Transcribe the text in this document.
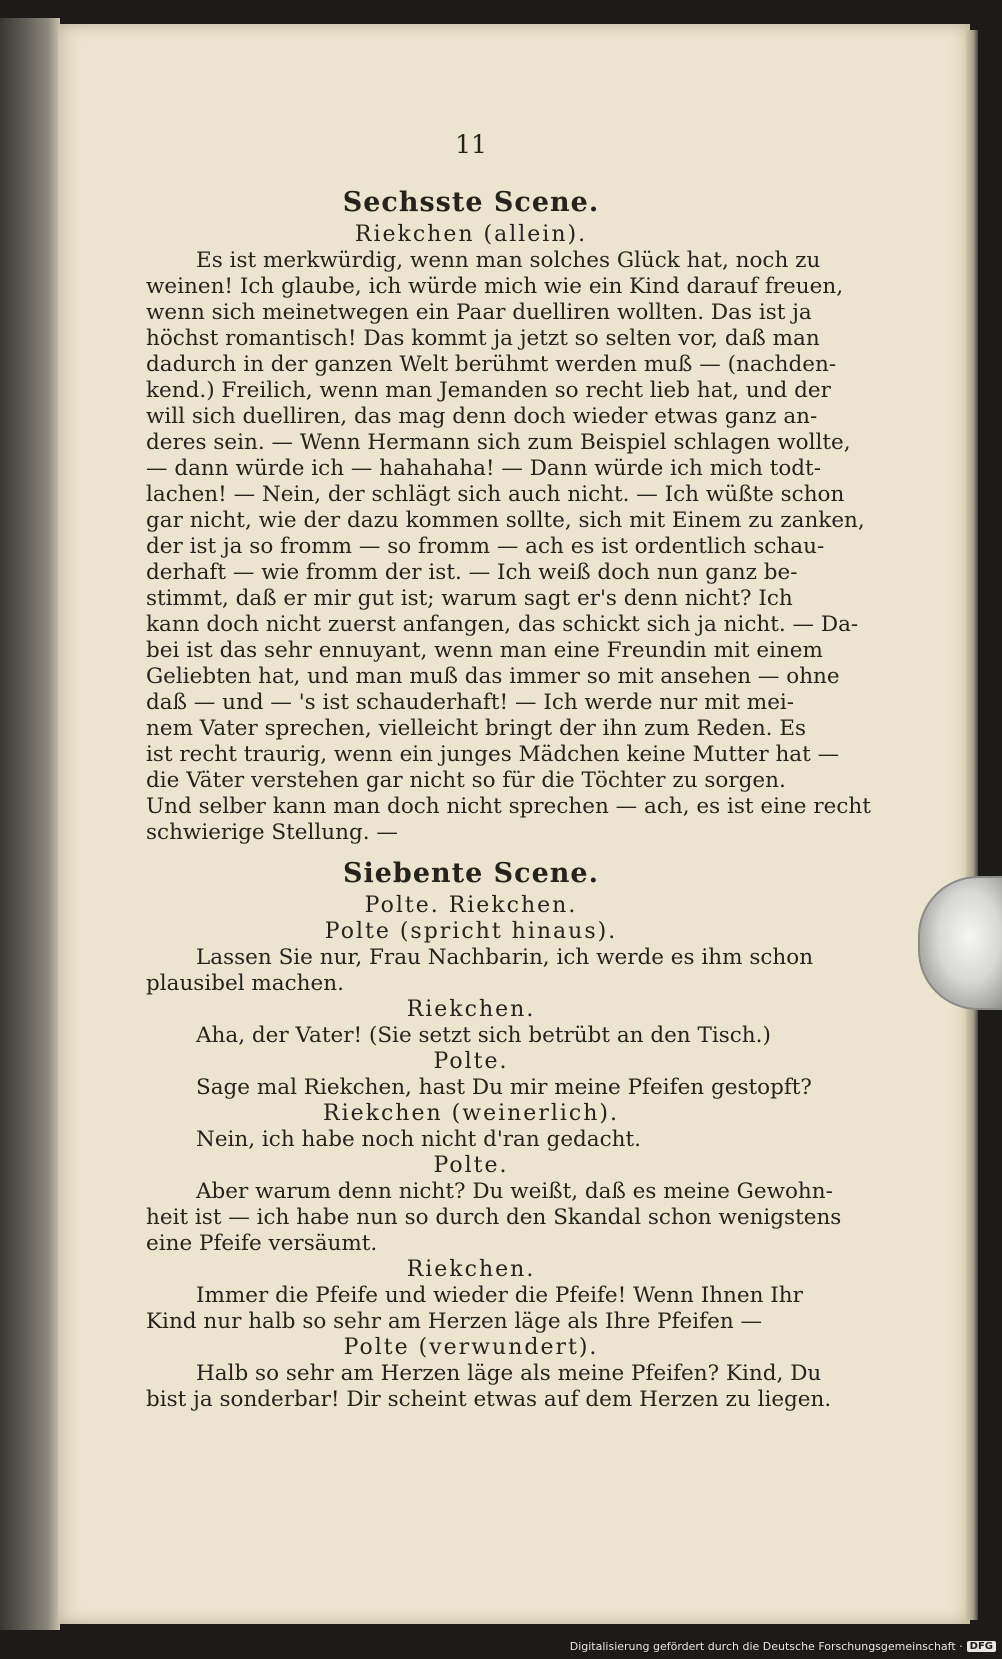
11
Sechsste Scene.
Riekchen (allein).
Es ist merkwürdig, wenn man solches Glück hat, noch zu
weinen! Ich glaube, ich würde mich wie ein Kind darauf freuen,
wenn sich meinetwegen ein Paar duelliren wollten. Das ist ja
höchst romantisch! Das kommt ja jetzt so selten vor, daß man
dadurch in der ganzen Welt berühmt werden muß — (nachden-
kend.) Freilich, wenn man Jemanden so recht lieb hat, und der
will sich duelliren, das mag denn doch wieder etwas ganz an-
deres sein. — Wenn Hermann sich zum Beispiel schlagen wollte,
— dann würde ich — hahahaha! — Dann würde ich mich todt-
lachen! — Nein, der schlägt sich auch nicht. — Ich wüßte schon
gar nicht, wie der dazu kommen sollte, sich mit Einem zu zanken,
der ist ja so fromm — so fromm — ach es ist ordentlich schau-
derhaft — wie fromm der ist. — Ich weiß doch nun ganz be-
stimmt, daß er mir gut ist; warum sagt er's denn nicht? Ich
kann doch nicht zuerst anfangen, das schickt sich ja nicht. — Da-
bei ist das sehr ennuyant, wenn man eine Freundin mit einem
Geliebten hat, und man muß das immer so mit ansehen — ohne
daß — und — 's ist schauderhaft! — Ich werde nur mit mei-
nem Vater sprechen, vielleicht bringt der ihn zum Reden. Es
ist recht traurig, wenn ein junges Mädchen keine Mutter hat —
die Väter verstehen gar nicht so für die Töchter zu sorgen.
Und selber kann man doch nicht sprechen — ach, es ist eine recht
schwierige Stellung. —
Siebente Scene.
Polte. Riekchen.
Polte (spricht hinaus).
Lassen Sie nur, Frau Nachbarin, ich werde es ihm schon
plausibel machen.
Riekchen.
Aha, der Vater! (Sie setzt sich betrübt an den Tisch.)
Polte.
Sage mal Riekchen, hast Du mir meine Pfeifen gestopft?
Riekchen (weinerlich).
Nein, ich habe noch nicht d'ran gedacht.
Polte.
Aber warum denn nicht? Du weißt, daß es meine Gewohn-
heit ist — ich habe nun so durch den Skandal schon wenigstens
eine Pfeife versäumt.
Riekchen.
Immer die Pfeife und wieder die Pfeife! Wenn Ihnen Ihr
Kind nur halb so sehr am Herzen läge als Ihre Pfeifen —
Polte (verwundert).
Halb so sehr am Herzen läge als meine Pfeifen? Kind, Du
bist ja sonderbar! Dir scheint etwas auf dem Herzen zu liegen.
Digitalisierung gefördert durch die Deutsche Forschungsgemeinschaft · DFG
